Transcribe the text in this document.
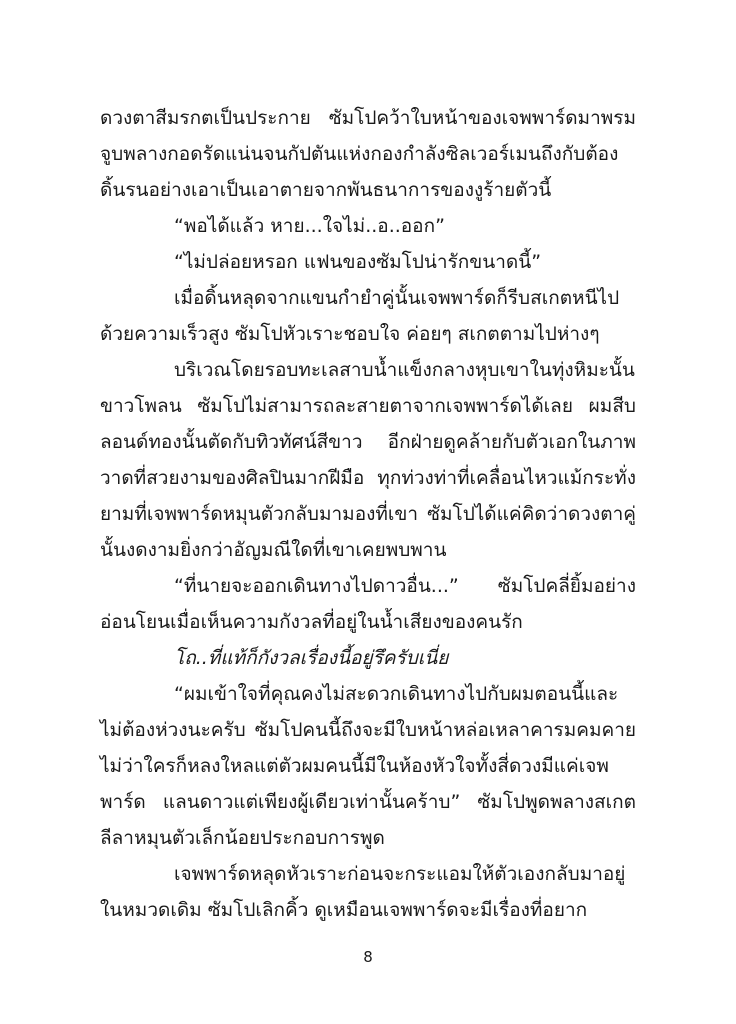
ดวงตาสีมรกตเป็นประกาย ซัมโปคว้าใบหน้าของเจพพาร์ดมาพรมจูบพลางกอดรัดแน่นจนกัปตันแห่งกองกำลังซิลเวอร์เมนถึงกับต้องดิ้นรนอย่างเอาเป็นเอาตายจากพันธนาการของงูร้ายตัวนี้

“พอได้แล้ว หาย...ใจไม่..อ..ออก”

“ไม่ปล่อยหรอก แฟนของซัมโปน่ารักขนาดนี้”

เมื่อดิ้นหลุดจากแขนกำยำคู่นั้นเจพพาร์ดก็รีบสเกตหนีไปด้วยความเร็วสูง ซัมโปหัวเราะชอบใจ ค่อยๆ สเกตตามไปห่างๆ

บริเวณโดยรอบทะเลสาบน้ำแข็งกลางหุบเขาในทุ่งหิมะนั้นขาวโพลน ซัมโปไม่สามารถละสายตาจากเจพพาร์ดได้เลย ผมสีบลอนด์ทองนั้นตัดกับทิวทัศน์สีขาว อีกฝ่ายดูคล้ายกับตัวเอกในภาพวาดที่สวยงามของศิลปินมากฝีมือ ทุกท่วงท่าที่เคลื่อนไหวแม้กระทั่งยามที่เจพพาร์ดหมุนตัวกลับมามองที่เขา ซัมโปได้แค่คิดว่าดวงตาคู่นั้นงดงามยิ่งกว่าอัญมณีใดที่เขาเคยพบพาน

“ที่นายจะออกเดินทางไปดาวอื่น...” ซัมโปคลี่ยิ้มอย่างอ่อนโยนเมื่อเห็นความกังวลที่อยู่ในน้ำเสียงของคนรัก

โถ..ที่แท้ก็กังวลเรื่องนี้อยู่รึครับเนี่ย

“ผมเข้าใจที่คุณคงไม่สะดวกเดินทางไปกับผมตอนนี้และไม่ต้องห่วงนะครับ ซัมโปคนนี้ถึงจะมีใบหน้าหล่อเหลาคารมคมคายไม่ว่าใครก็หลงใหลแต่ตัวผมคนนี้มีในห้องหัวใจทั้งสี่ดวงมีแค่เจพพาร์ด แลนดาวแต่เพียงผู้เดียวเท่านั้นคร้าบ” ซัมโปพูดพลางสเกตลีลาหมุนตัวเล็กน้อยประกอบการพูด

เจพพาร์ดหลุดหัวเราะก่อนจะกระแอมให้ตัวเองกลับมาอยู่ในหมวดเดิม ซัมโปเลิกคิ้ว ดูเหมือนเจพพาร์ดจะมีเรื่องที่อยาก

8
